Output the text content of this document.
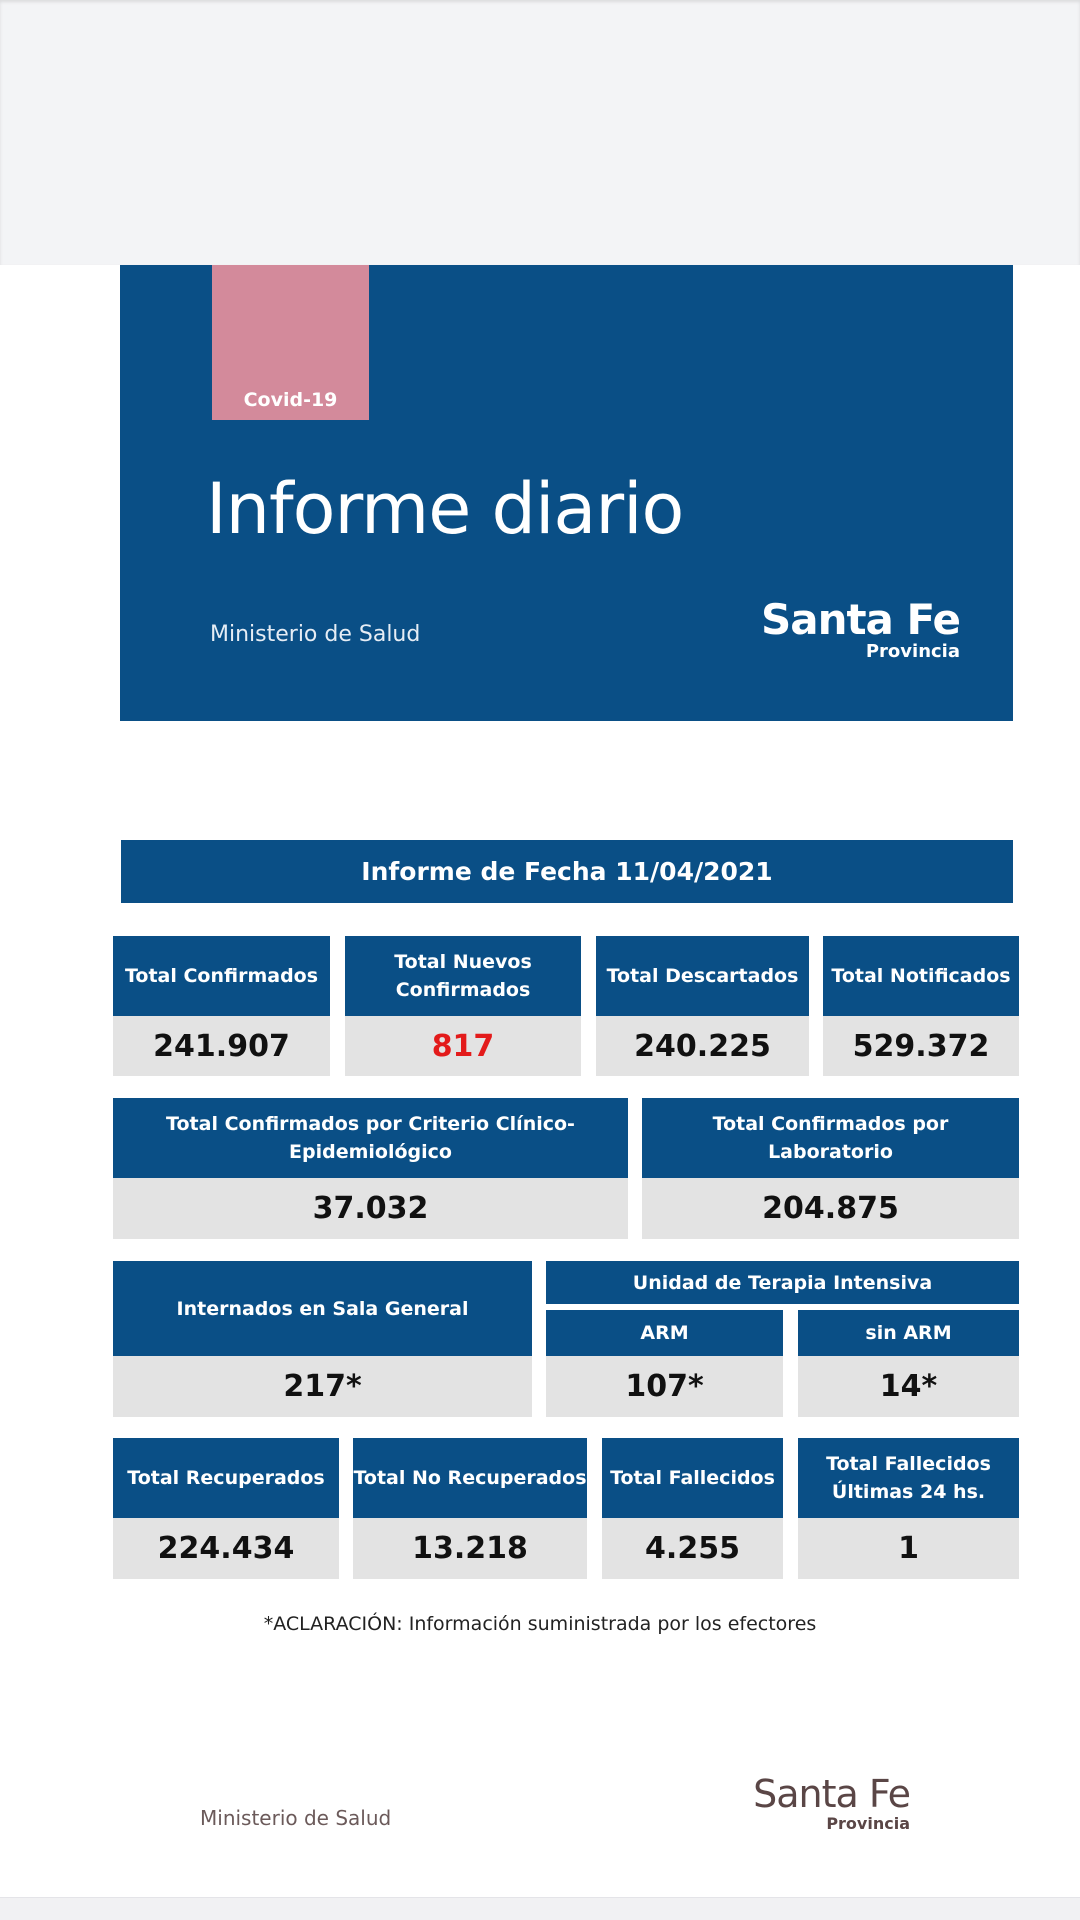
Covid-19
Informe diario
Ministerio de Salud	Santa Fe
Provincia
Informe de Fecha 11/04/2021
Total Confirmados
241.907
Total Nuevos Confirmados
817
Total Descartados
240.225
Total Notificados
529.372
Total Confirmados por Criterio Clínico-Epidemiológico
37.032
Total Confirmados por Laboratorio
204.875
Internados en Sala General
217*
Unidad de Terapia Intensiva
ARM
107*
sin ARM
14*
Total Recuperados
224.434
Total No Recuperados
13.218
Total Fallecidos
4.255
Total Fallecidos Últimas 24 hs.
1
*ACLARACIÓN: Información suministrada por los efectores
Ministerio de Salud
Santa Fe
Provincia
